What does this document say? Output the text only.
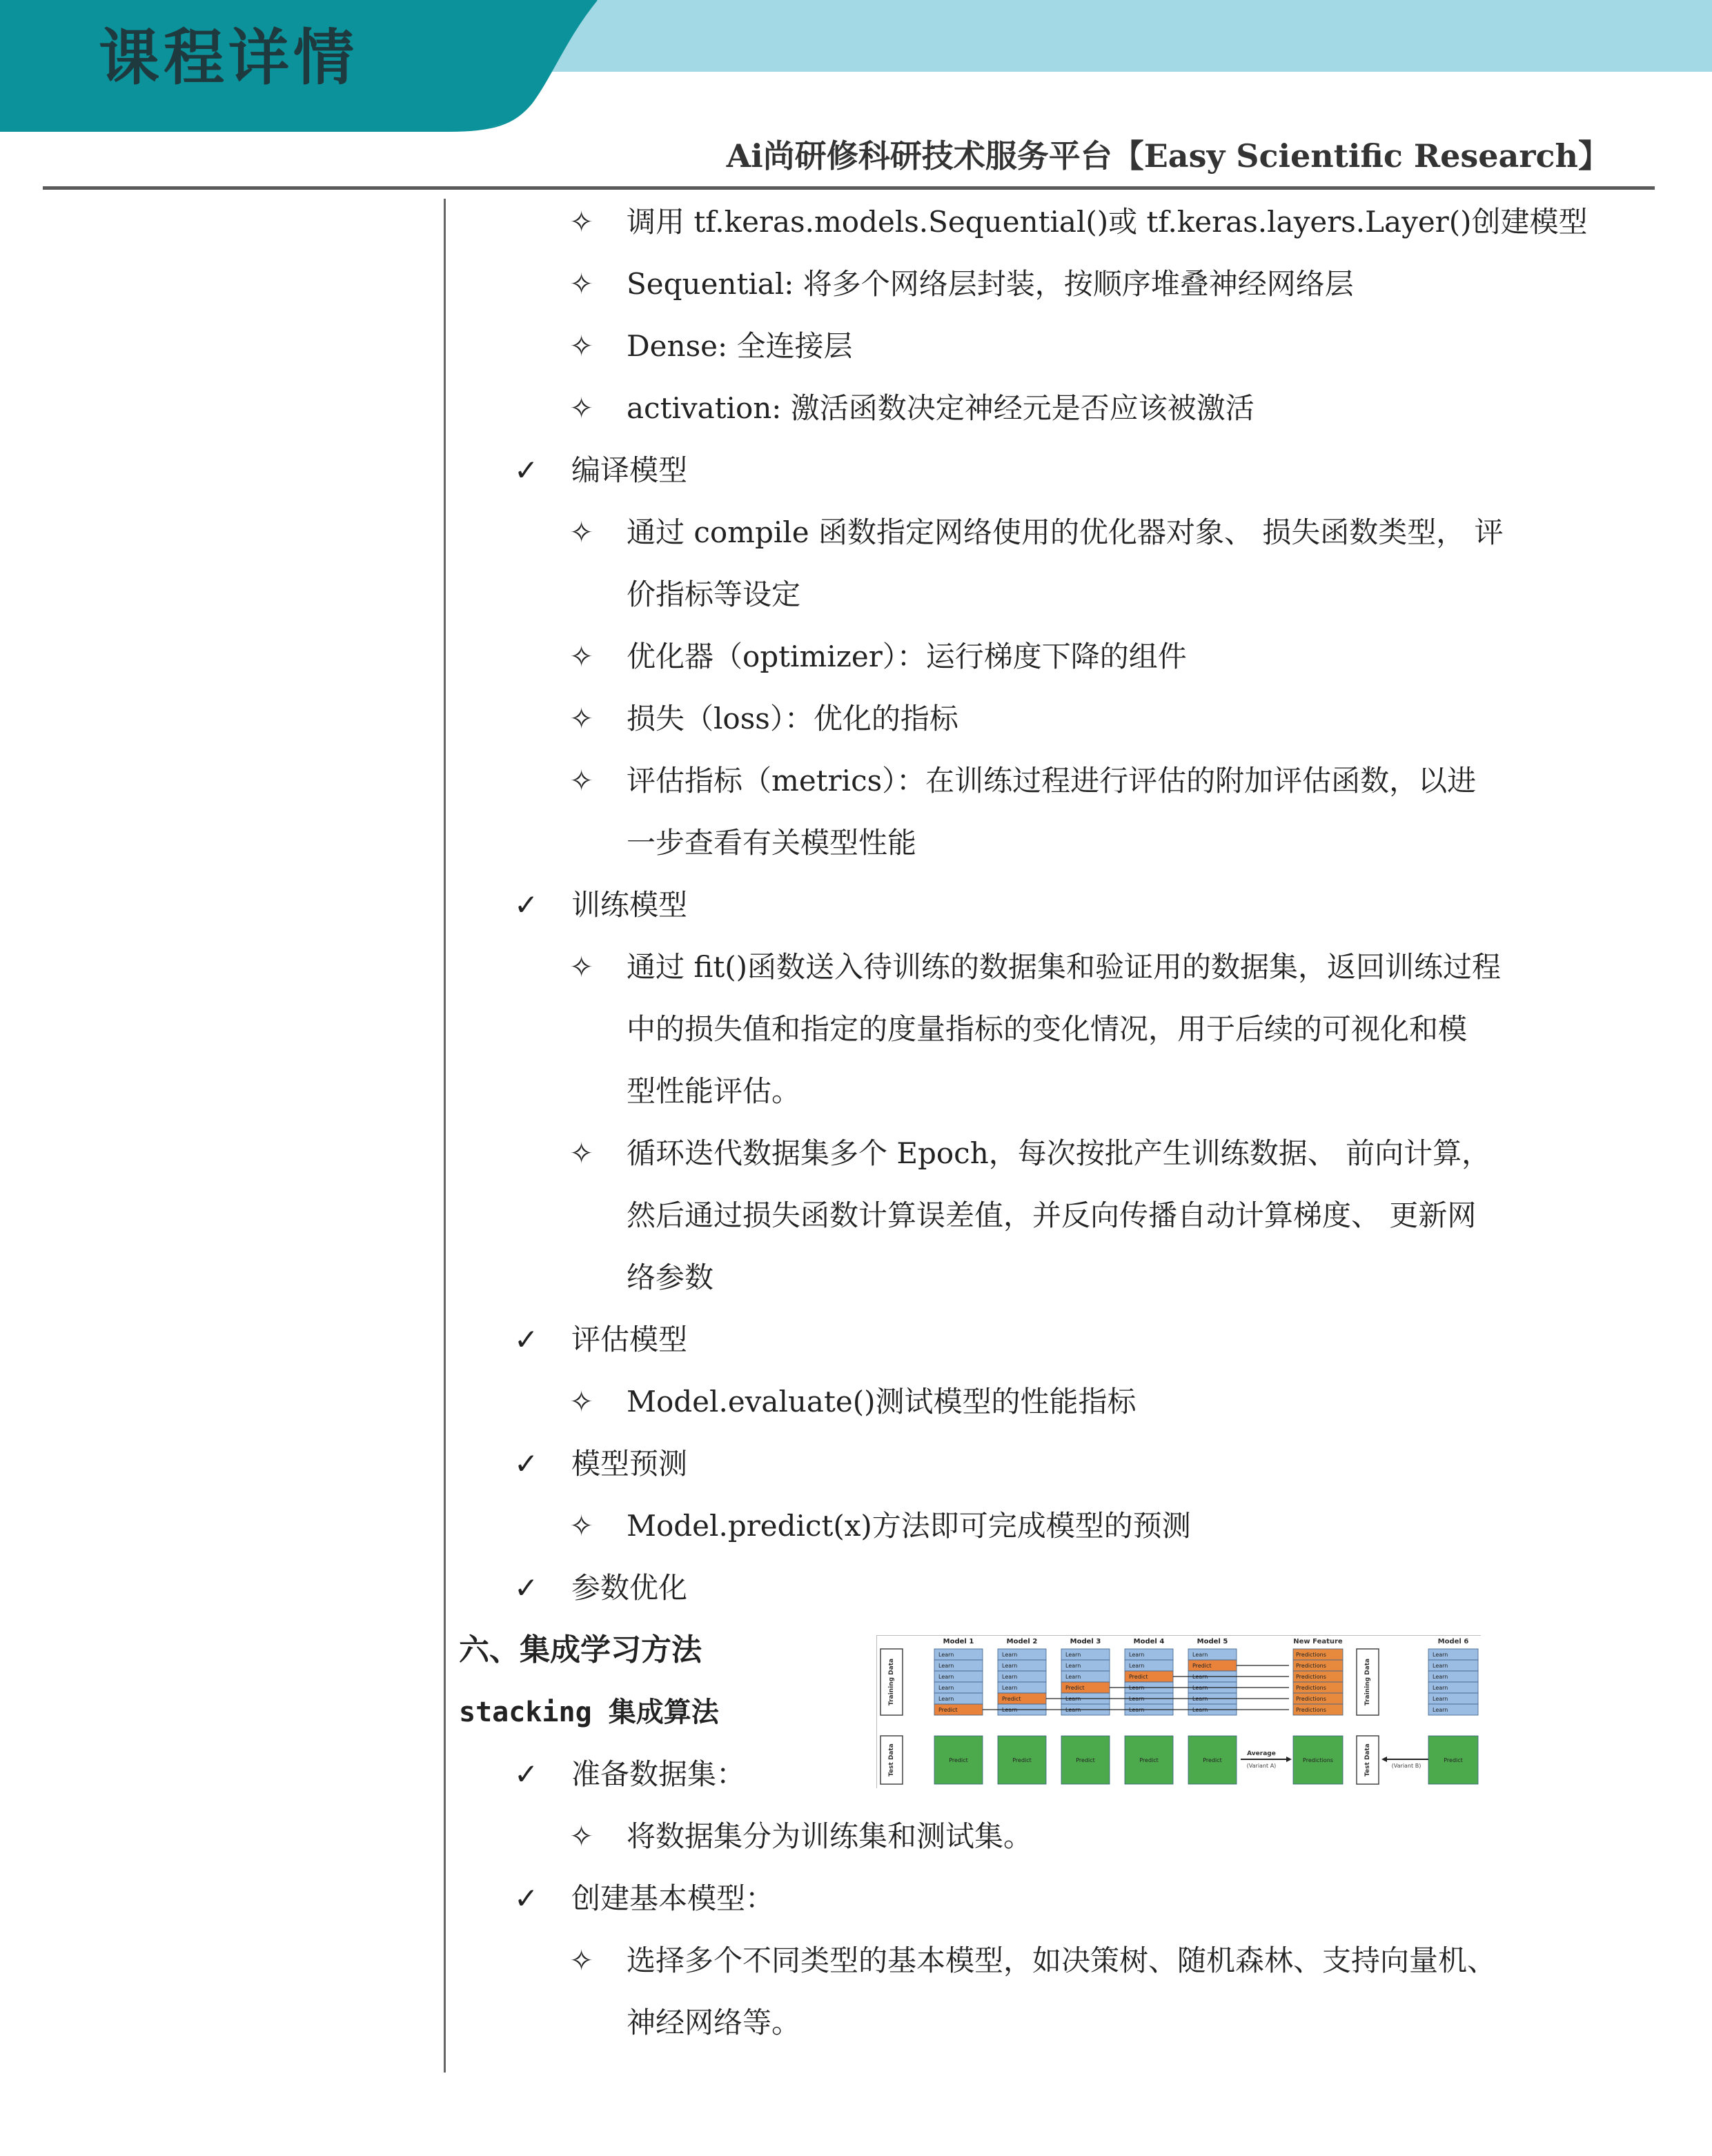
课程详情
Ai尚研修科研技术服务平台【Easy Scientific Research】
✧ 调用 tf.keras.models.Sequential()或 tf.keras.layers.Layer()创建模型
✧ Sequential: 将多个网络层封装，按顺序堆叠神经网络层
✧ Dense: 全连接层
✧ activation: 激活函数决定神经元是否应该被激活
✓ 编译模型
✧ 通过 compile 函数指定网络使用的优化器对象、 损失函数类型， 评
价指标等设定
✧ 优化器（optimizer）：运行梯度下降的组件
✧ 损失（loss）：优化的指标
✧ 评估指标（metrics）：在训练过程进行评估的附加评估函数，以进
一步查看有关模型性能
✓ 训练模型
✧ 通过 fit()函数送入待训练的数据集和验证用的数据集，返回训练过程
中的损失值和指定的度量指标的变化情况，用于后续的可视化和模
型性能评估。
✧ 循环迭代数据集多个 Epoch，每次按批产生训练数据、 前向计算，
然后通过损失函数计算误差值，并反向传播自动计算梯度、 更新网
络参数
✓ 评估模型
✧ Model.evaluate()测试模型的性能指标
✓ 模型预测
✧ Model.predict(x)方法即可完成模型的预测
✓ 参数优化
六、集成学习方法
stacking 集成算法
✓ 准备数据集：
✧ 将数据集分为训练集和测试集。
✓ 创建基本模型：
✧ 选择多个不同类型的基本模型，如决策树、随机森林、支持向量机、
神经网络等。
Training Data
Model 1
Learn
Learn
Learn
Learn
Learn
Predict
Model 2
Learn
Learn
Learn
Learn
Predict
Learn
Model 3
Learn
Learn
Learn
Predict
Learn
Learn
Model 4
Learn
Learn
Predict
Learn
Learn
Learn
Model 5
Learn
Predict
Learn
Learn
Learn
Learn
New Feature
Predictions
Predictions
Predictions
Predictions
Predictions
Predictions
Training Data
Model 6
Learn
Learn
Learn
Learn
Learn
Learn
Test Data	Predict	Predict	Predict	Predict	Predict	Predictions	Predict
Test Data
Average
(Variant A)	(Variant B)
